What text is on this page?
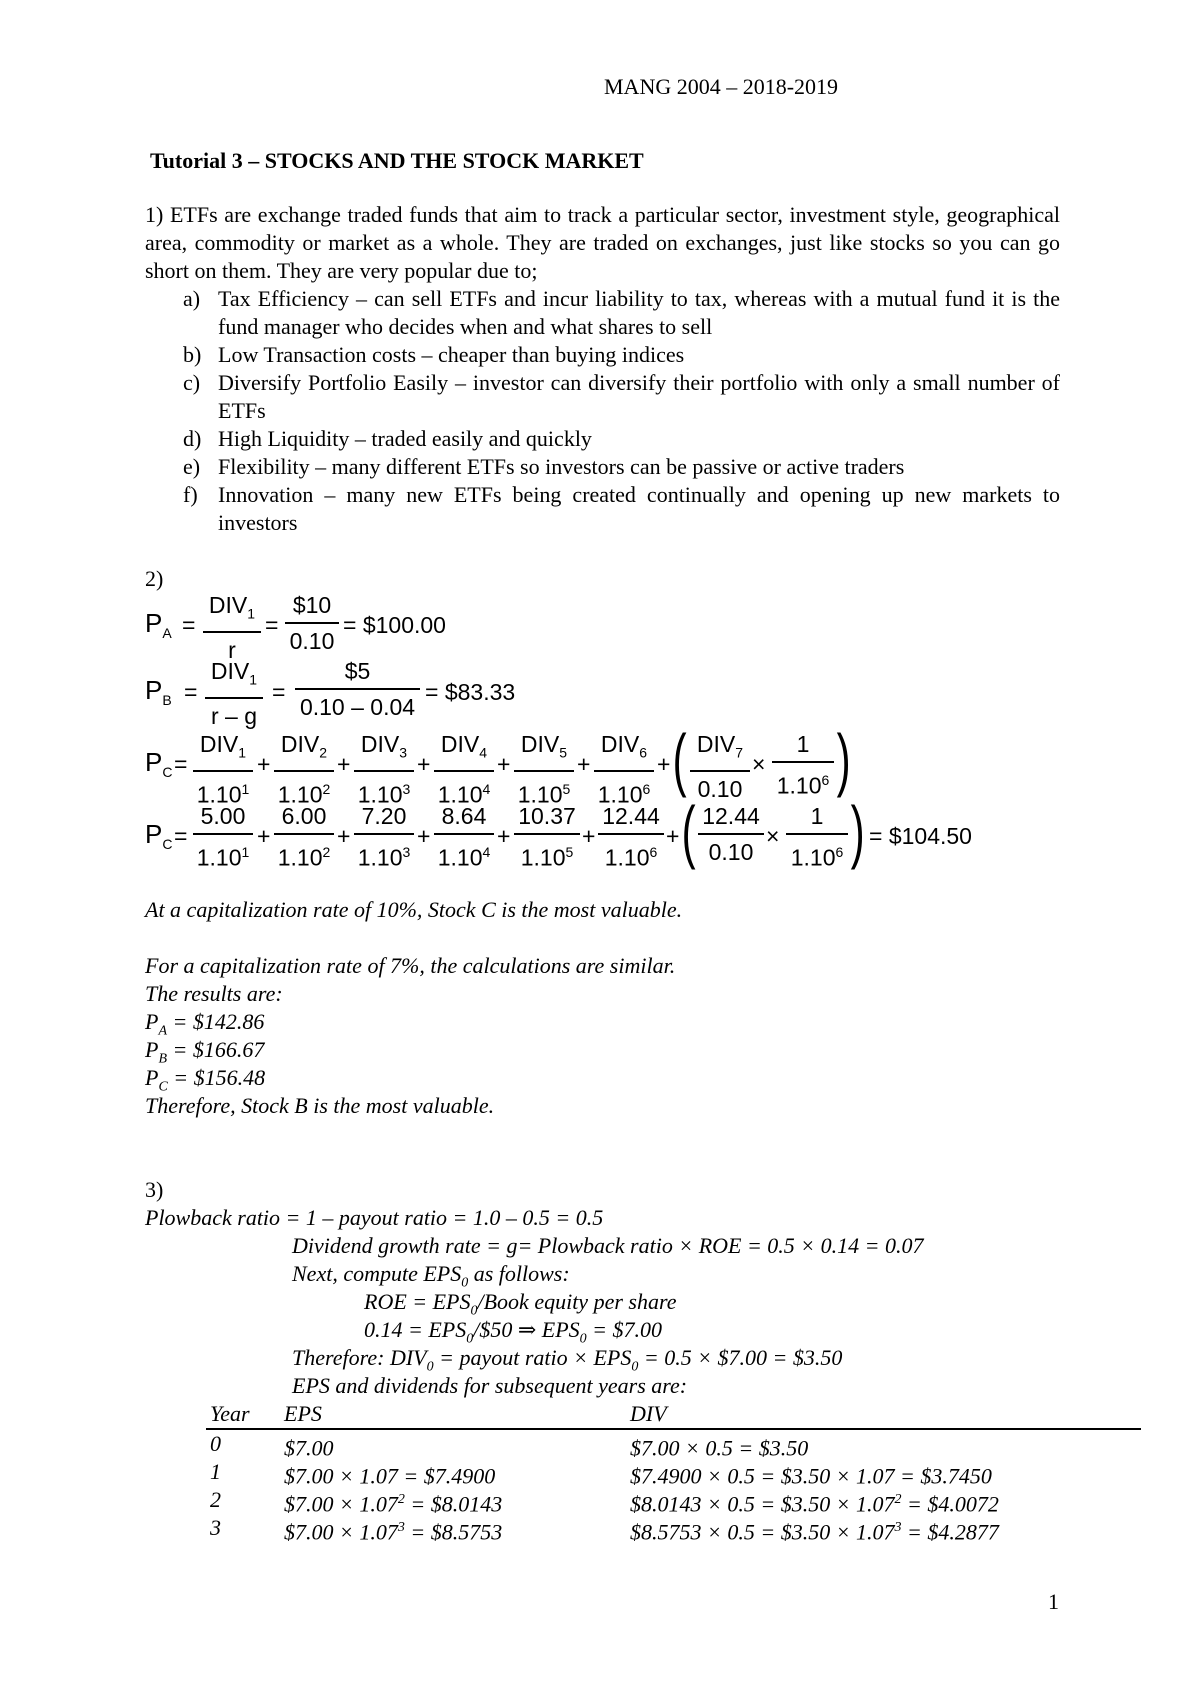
MANG 2004 – 2018-2019
Tutorial 3 – STOCKS AND THE STOCK MARKET
1) ETFs are exchange traded funds that aim to track a particular sector, investment style, geographical area, commodity or market as a whole. They are traded on exchanges, just like stocks so you can go short on them. They are very popular due to;
a) Tax Efficiency – can sell ETFs and incur liability to tax, whereas with a mutual fund it is the fund manager who decides when and what shares to sell
b) Low Transaction costs – cheaper than buying indices
c) Diversify Portfolio Easily – investor can diversify their portfolio with only a small number of ETFs
d) High Liquidity – traded easily and quickly
e) Flexibility – many different ETFs so investors can be passive or active traders
f) Innovation – many new ETFs being created continually and opening up new markets to investors
2)
$P_A$ =
$DIV_1$
r
=
$10
0.10
= $100.00
$P_B$ =
$DIV_1$
r – g
=
$5
0.10 – 0.04
= $83.33
$P_C$ =
$DIV_1$
$1.10^1$
+
$DIV_2$
$1.10^2$
+
$DIV_3$
$1.10^3$
+
$DIV_4$
$1.10^4$
+
$DIV_5$
$1.10^5$
+
$DIV_6$
$1.10^6$
+ ( $DIV_7$
0.10
×
1
1.10$^6$ )
$P_C$ =
5.00
$1.10^1$
+
6.00
$1.10^2$
+
7.20
$1.10^3$
+
8.64
$1.10^4$
+
10.37
$1.10^5$
+
12.44
$1.10^6$
+ ( 12.44
0.10
×
1
1.10$^6$ ) = $104.50
At a capitalization rate of 10%, Stock C is the most valuable.
For a capitalization rate of 7%, the calculations are similar.
The results are:
$P_A$ = $142.86
$P_B$ = $166.67
$P_C$ = $156.48
Therefore, Stock B is the most valuable.
3)
Plowback ratio = 1 – payout ratio = 1.0 – 0.5 = 0.5
Dividend growth rate = g= Plowback ratio × ROE = 0.5 × 0.14 = 0.07
Next, compute $EPS_0$ as follows:
ROE = $EPS_0$/Book equity per share
$0.14 = EPS_0/\$50$ ⇒ $EPS_0$ = $7.00
Therefore: $DIV_0$ = payout ratio × $EPS_0 = 0.5$ × $7.00 = $3.50
EPS and dividends for subsequent years are:
Year EPS	DIV
0	$7.00	$7.00 × 0.5 = $3.50
1	$7.00 × 1.07 = $7.4900	$7.4900 × 0.5 = $3.50 × 1.07 = $3.7450
2	$7.00 × $1.07^2$ = $8.0143	$8.0143 × 0.5 = $3.50 × $1.07^2$ = $4.0072
3	$7.00 × $1.07^3$ = $8.5753	$8.5753 × 0.5 = $3.50 × $1.07^3$ = $4.2877
1
